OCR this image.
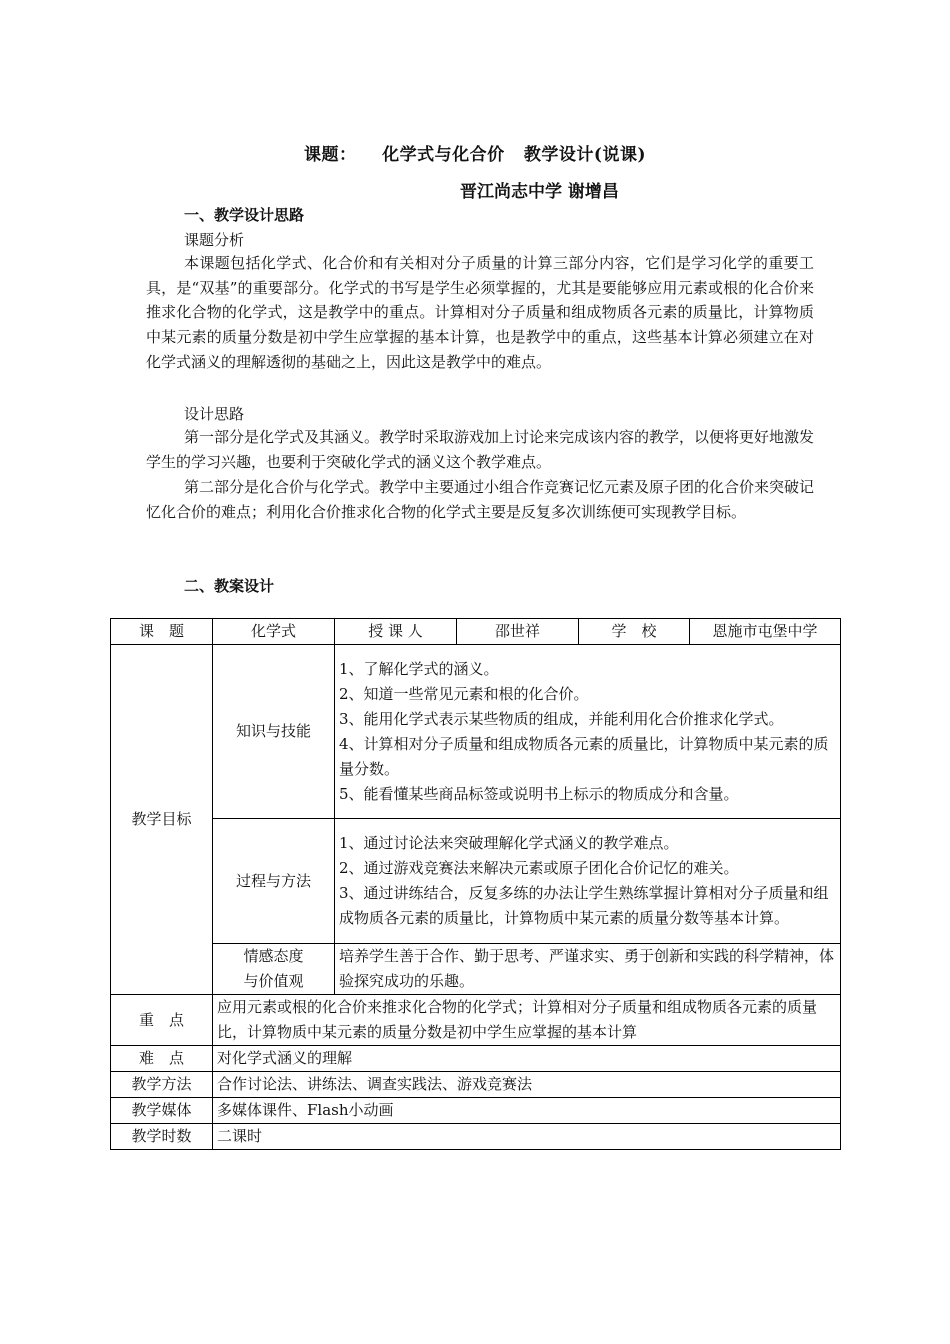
课题：    化学式与化合价   教学设计(说课)
晋江尚志中学 谢增昌
一、教学设计思路
课题分析
本课题包括化学式、化合价和有关相对分子质量的计算三部分内容，它们是学习化学的重要工具，是“双基”的重要部分。化学式的书写是学生必须掌握的，尤其是要能够应用元素或根的化合价来推求化合物的化学式，这是教学中的重点。计算相对分子质量和组成物质各元素的质量比，计算物质中某元素的质量分数是初中学生应掌握的基本计算，也是教学中的重点，这些基本计算必须建立在对化学式涵义的理解透彻的基础之上，因此这是教学中的难点。
设计思路
第一部分是化学式及其涵义。教学时采取游戏加上讨论来完成该内容的教学，以便将更好地激发学生的学习兴趣，也要利于突破化学式的涵义这个教学难点。
第二部分是化合价与化学式。教学中主要通过小组合作竞赛记忆元素及原子团的化合价来突破记忆化合价的难点；利用化合价推求化合物的化学式主要是反复多次训练便可实现教学目标。
二、教案设计
课　题	化学式	授 课 人	邵世祥	学　校	恩施市屯堡中学
教学目标	知识与技能	1、了解化学式的涵义。
2、知道一些常见元素和根的化合价。
3、能用化学式表示某些物质的组成，并能利用化合价推求化学式。
4、计算相对分子质量和组成物质各元素的质量比，计算物质中某元素的质量分数。
5、能看懂某些商品标签或说明书上标示的物质成分和含量。			

	过程与方法	1、通过讨论法来突破理解化学式涵义的教学难点。
2、通过游戏竞赛法来解决元素或原子团化合价记忆的难关。
3、通过讲练结合，反复多练的办法让学生熟练掌握计算相对分子质量和组成物质各元素的质量比，计算物质中某元素的质量分数等基本计算。			

	情感态度
与价值观	培养学生善于合作、勤于思考、严谨求实、勇于创新和实践的科学精神，体验探究成功的乐趣。			
重　点	应用元素或根的化合价来推求化合物的化学式；计算相对分子质量和组成物质各元素的质量比，计算物质中某元素的质量分数是初中学生应掌握的基本计算				
难　点	对化学式涵义的理解				
教学方法	合作讨论法、讲练法、调查实践法、游戏竞赛法				
教学媒体	多媒体课件、Flash小动画				
教学时数	二课时				
